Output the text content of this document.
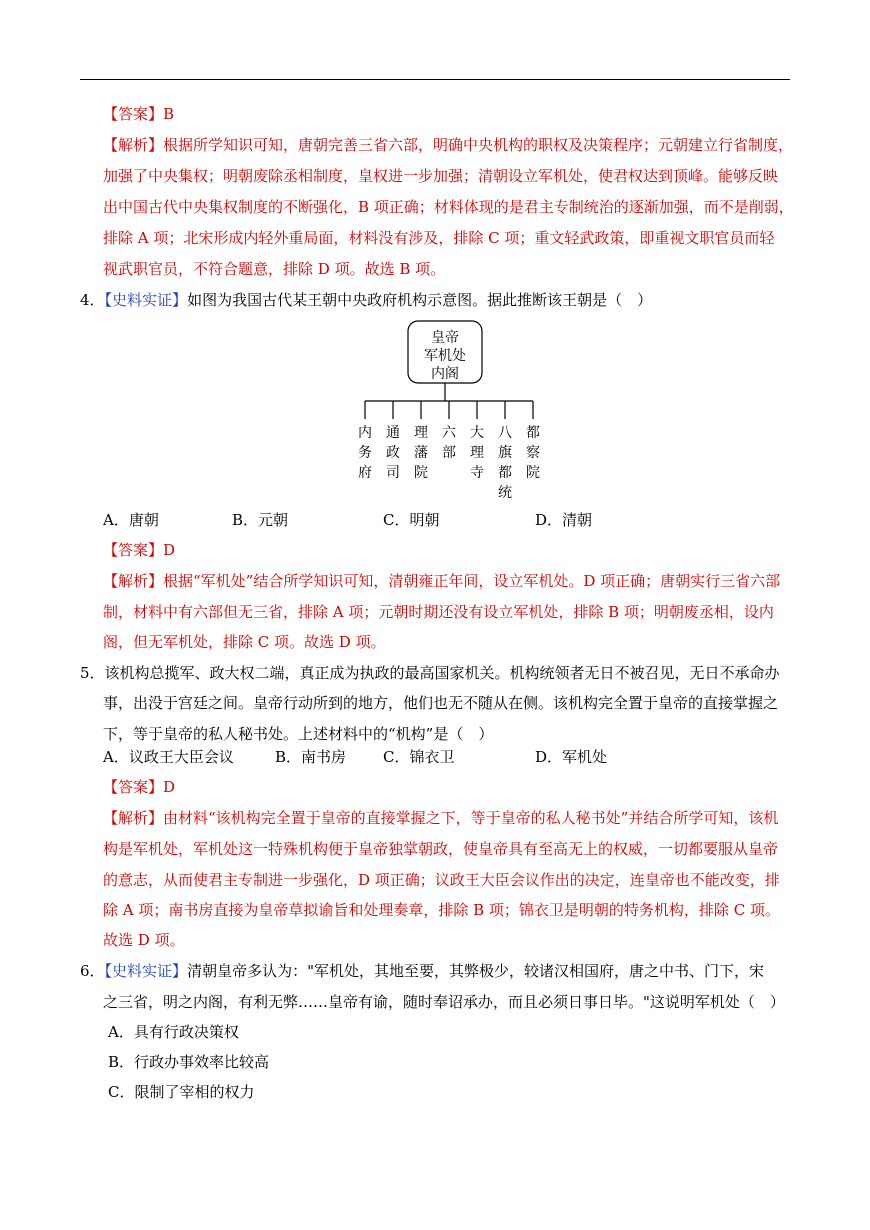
【答案】B
【解析】根据所学知识可知，唐朝完善三省六部，明确中央机构的职权及决策程序；元朝建立行省制度，
加强了中央集权；明朝废除丞相制度，皇权进一步加强；清朝设立军机处，使君权达到顶峰。能够反映
出中国古代中央集权制度的不断强化，B 项正确；材料体现的是君主专制统治的逐渐加强，而不是削弱，
排除 A 项；北宋形成内轻外重局面，材料没有涉及，排除 C 项；重文轻武政策，即重视文职官员而轻
视武职官员，不符合题意，排除 D 项。故选 B 项。
4．【史料实证】如图为我国古代某王朝中央政府机构示意图。据此推断该王朝是（　）
皇帝
军机处
内阁
内务府
通政司
理藩院
六部
大理寺
八旗都统
都察院
A．唐朝	B．元朝	C．明朝	D．清朝
【答案】D
【解析】根据“军机处”结合所学知识可知，清朝雍正年间，设立军机处。D 项正确；唐朝实行三省六部
制，材料中有六部但无三省，排除 A 项；元朝时期还没有设立军机处，排除 B 项；明朝废丞相，设内
阁，但无军机处，排除 C 项。故选 D 项。
5．该机构总揽军、政大权二端，真正成为执政的最高国家机关。机构统领者无日不被召见，无日不承命办
事，出没于宫廷之间。皇帝行动所到的地方，他们也无不随从在侧。该机构完全置于皇帝的直接掌握之
下，等于皇帝的私人秘书处。上述材料中的“机构”是（　）
A．议政王大臣会议	B．南书房 C．锦衣卫	D．军机处
【答案】D
【解析】由材料“该机构完全置于皇帝的直接掌握之下，等于皇帝的私人秘书处”并结合所学可知，该机
构是军机处，军机处这一特殊机构便于皇帝独掌朝政，使皇帝具有至高无上的权威，一切都要服从皇帝
的意志，从而使君主专制进一步强化，D 项正确；议政王大臣会议作出的决定，连皇帝也不能改变，排
除 A 项；南书房直接为皇帝草拟谕旨和处理奏章，排除 B 项；锦衣卫是明朝的特务机构，排除 C 项。
故选 D 项。
6．【史料实证】清朝皇帝多认为："军机处，其地至要，其弊极少，较诸汉相国府，唐之中书、门下，宋
之三省，明之内阁，有利无弊……皇帝有谕，随时奉诏承办，而且必须日事日毕。"这说明军机处（　）
A．具有行政决策权
B．行政办事效率比较高
C．限制了宰相的权力
